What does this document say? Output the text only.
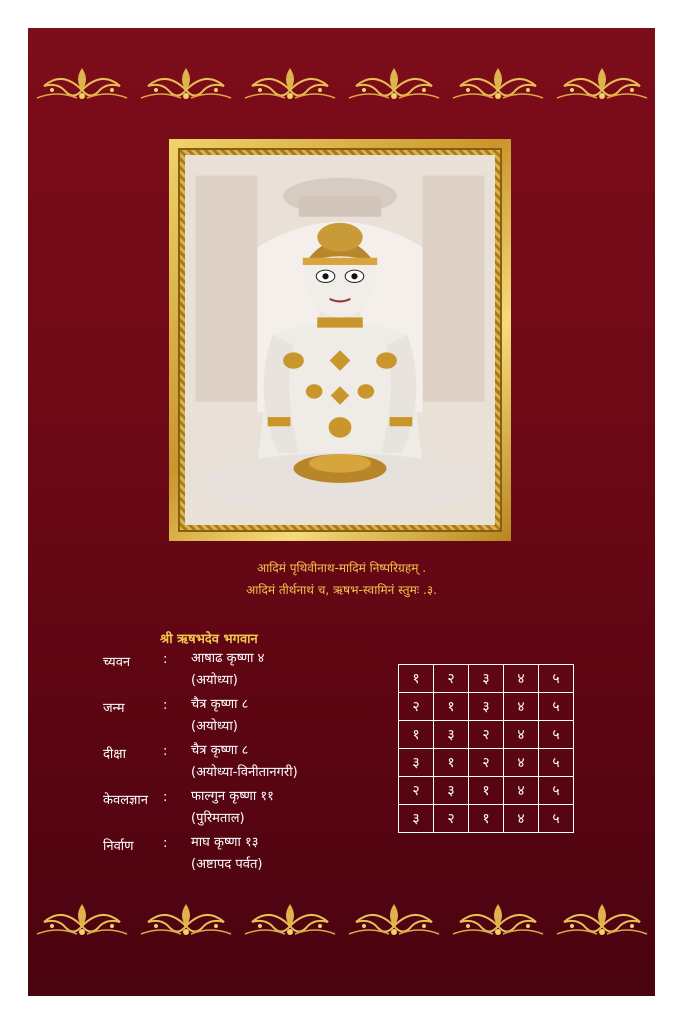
आदिमं पृथिवीनाथ-मादिमं निष्परिग्रहम् .
आदिमं तीर्थनाथं च, ऋषभ-स्वामिनं स्तुमः .३.
श्री ऋषभदेव भगवान
च्यवन	:	आषाढ कृष्णा ४
(अयोध्या)
जन्म	:	चैत्र कृष्णा ८
(अयोध्या)
दीक्षा	:	चैत्र कृष्णा ८
(अयोध्या-विनीतानगरी)
केवलज्ञान	:	फाल्गुन कृष्णा ११
(पुरिमताल)
निर्वाण	:	माघ कृष्णा १३
(अष्टापद पर्वत)
१	२	३	४	५
२	१	३	४	५
१	३	२	४	५
३	१	२	४	५
२	३	१	४	५
३	२	१	४	५
